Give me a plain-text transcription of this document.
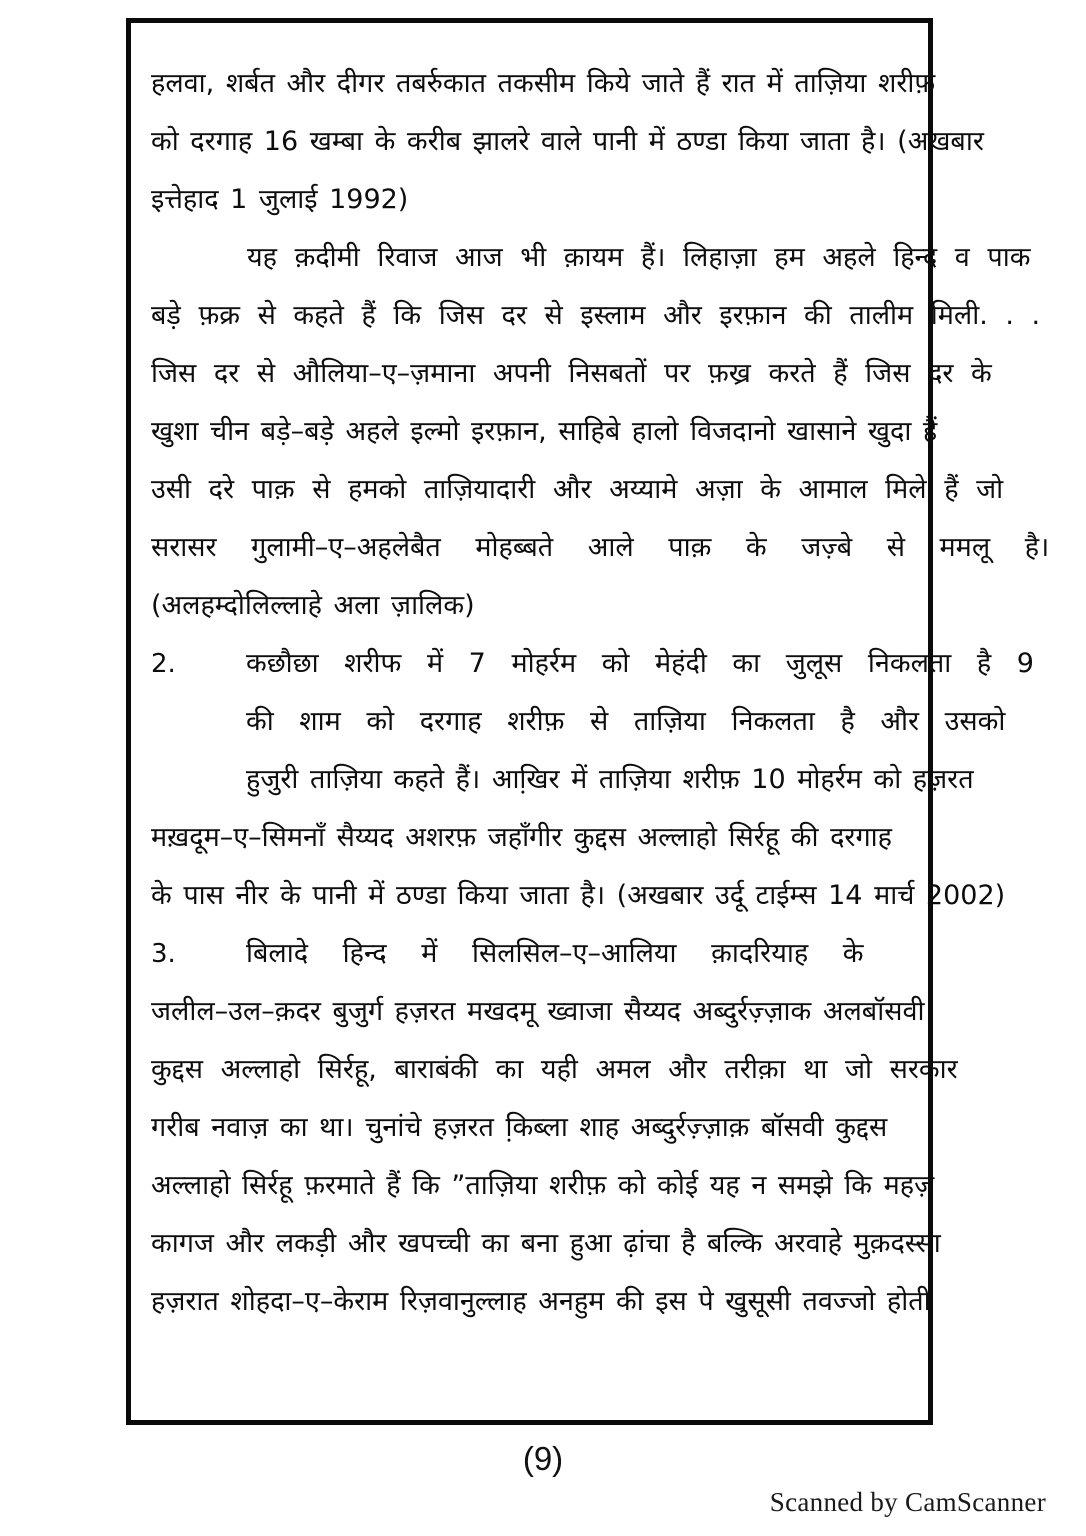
हलवा, शर्बत और दीगर तबर्रुकात तकसीम किये जाते हैं रात में ताज़िया शरीफ़
को दरगाह 16 खम्बा के करीब झालरे वाले पानी में ठण्डा किया जाता है। (अखबार
इत्तेहाद 1 जुलाई 1992)
यह क़दीमी रिवाज आज भी क़ायम हैं। लिहाज़ा हम अहले हिन्द व पाक
बड़े फ़क्र से कहते हैं कि जिस दर से इस्लाम और इरफ़ान की तालीम मिली. . .
जिस दर से औलिया–ए–ज़माना अपनी निसबतों पर फ़ख्र करते हैं जिस दर के
खुशा चीन बड़े–बड़े अहले इल्मो इरफ़ान, साहिबे हालो विजदानो खासाने खुदा हैं
उसी दरे पाक़ से हमको ताज़ियादारी और अय्यामे अज़ा के आमाल मिले हैं जो
सरासर गुलामी–ए–अहलेबैत मोहब्बते आले पाक़ के जज़्बे से ममलू है।
(अलहम्दोलिल्लाहे अला ज़ालिक)
2.	कछौछा शरीफ में 7 मोहर्रम को मेहंदी का जुलूस निकलता है 9
की शाम को दरगाह शरीफ़ से ताज़िया निकलता है और उसको
हुजुरी ताज़िया कहते हैं। आखि़र में ताज़िया शरीफ़ 10 मोहर्रम को हज़रत
मख़दूम–ए–सिमनाँ सैय्यद अशरफ़ जहाँगीर कुद्दस अल्लाहो सिर्रहू की दरगाह
के पास नीर के पानी में ठण्डा किया जाता है। (अखबार उर्दू टाईम्स 14 मार्च 2002)
3.	बिलादे हिन्द में सिलसिल–ए–आलिया क़ादरियाह के
जलील–उल–क़दर बुजुर्ग हज़रत मखदमू ख्वाजा सैय्यद अब्दुर्रज़्ज़ाक अलबॉसवी
कुद्दस अल्लाहो सिर्रहू, बाराबंकी का यही अमल और तरीक़ा था जो सरकार
गरीब नवाज़ का था। चुनांचे हज़रत कि़ब्ला शाह अब्दुर्रज़्ज़ाक़ बॉसवी कुद्दस
अल्लाहो सिर्रहू फ़रमाते हैं कि ”ताज़िया शरीफ़ को कोई यह न समझे कि महज़
कागज और लकड़ी और खपच्ची का बना हुआ ढ़ांचा है बल्कि अरवाहे मुक़दस्सा
हज़रात शोहदा–ए–केराम रिज़वानुल्लाह अनहुम की इस पे खुसूसी तवज्जो होती
(9)
Scanned by CamScanner
